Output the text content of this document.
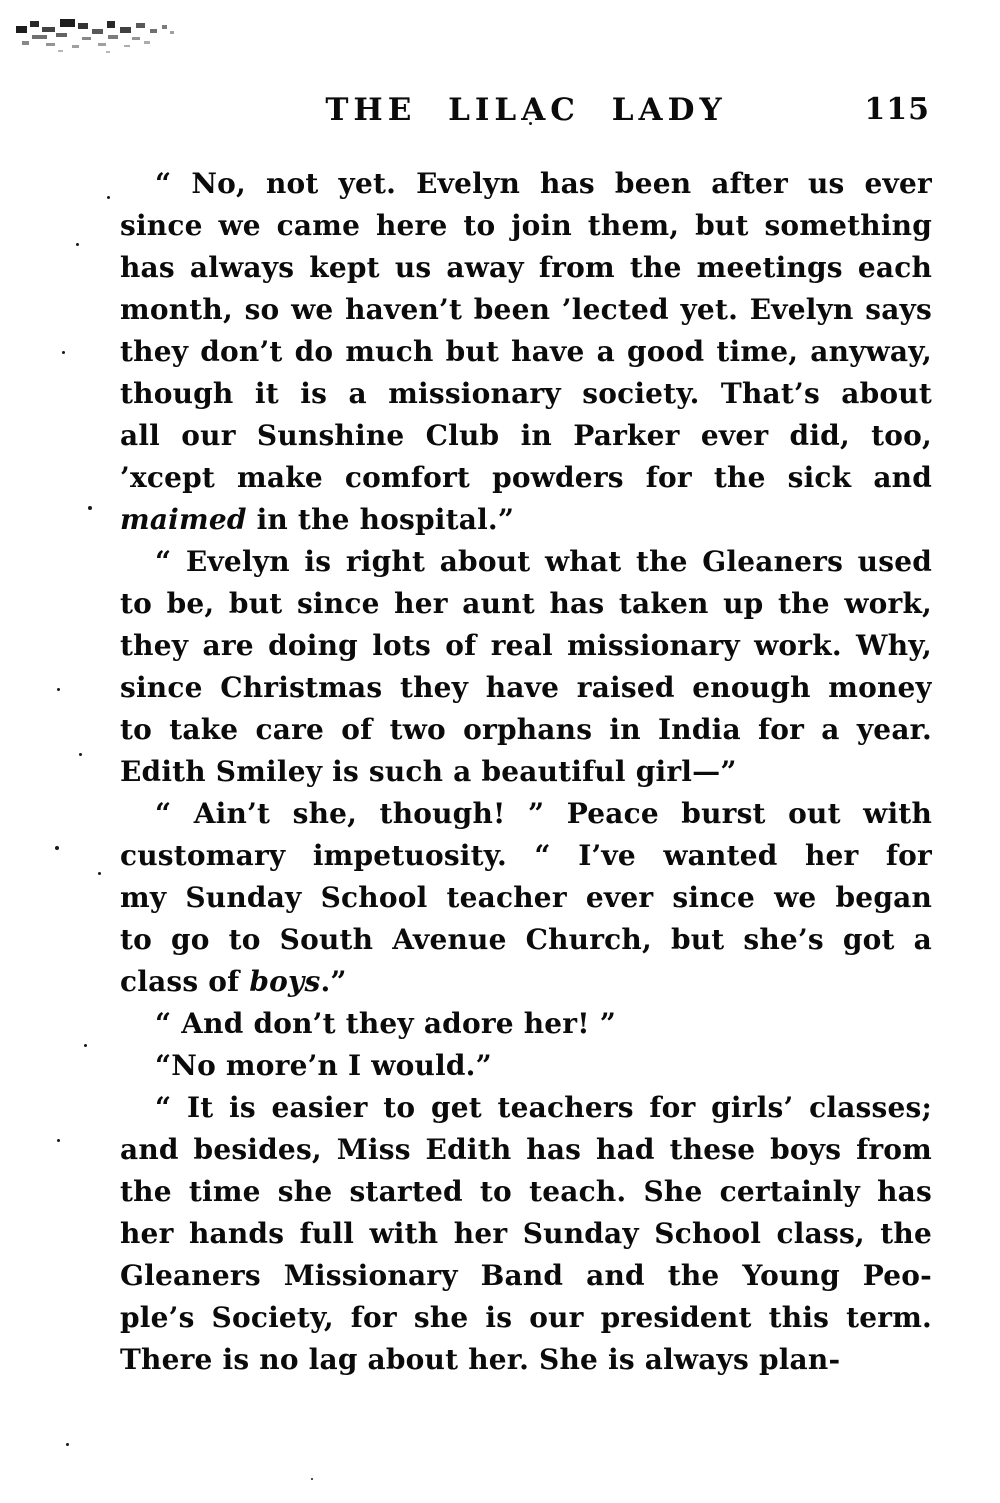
THE LILAC LADY	115
“ No, not yet. Evelyn has been after us ever
since we came here to join them, but something
has always kept us away from the meetings each
month, so we haven’t been ’lected yet. Evelyn says
they don’t do much but have a good time, anyway,
though it is a missionary society. That’s about
all our Sunshine Club in Parker ever did, too,
’xcept make comfort powders for the sick and
maimed in the hospital.”
“ Evelyn is right about what the Gleaners used
to be, but since her aunt has taken up the work,
they are doing lots of real missionary work. Why,
since Christmas they have raised enough money
to take care of two orphans in India for a year.
Edith Smiley is such a beautiful girl—”
“ Ain’t she, though! ” Peace burst out with
customary impetuosity. “ I’ve wanted her for
my Sunday School teacher ever since we began
to go to South Avenue Church, but she’s got a
class of boys.”
“ And don’t they adore her! ”
“No more’n I would.”
“ It is easier to get teachers for girls’ classes;
and besides, Miss Edith has had these boys from
the time she started to teach. She certainly has
her hands full with her Sunday School class, the
Gleaners Missionary Band and the Young Peo-
ple’s Society, for she is our president this term.
There is no lag about her. She is always plan-
